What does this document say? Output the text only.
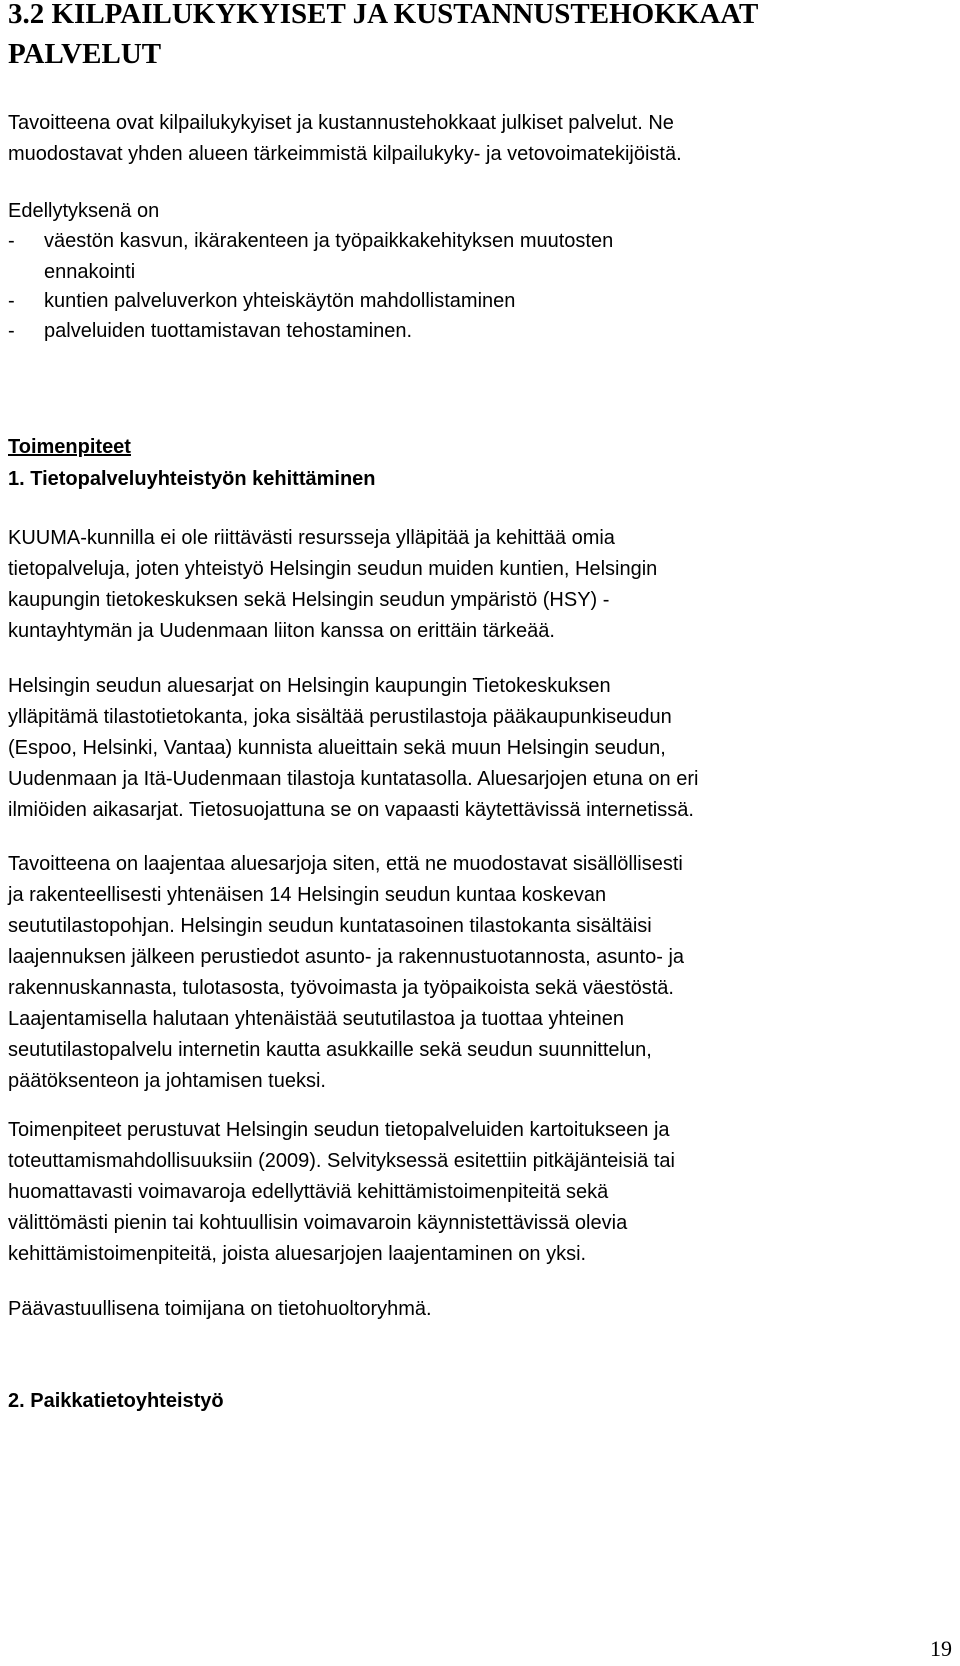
3.2 KILPAILUKYKYISET JA KUSTANNUSTEHOKKAAT
PALVELUT
Tavoitteena ovat kilpailukykyiset ja kustannustehokkaat julkiset palvelut. Ne
muodostavat yhden alueen tärkeimmistä kilpailukyky- ja vetovoimatekijöistä.
Edellytyksenä on
- väestön kasvun, ikärakenteen ja työpaikkakehityksen muutosten
ennakointi
- kuntien palveluverkon yhteiskäytön mahdollistaminen
- palveluiden tuottamistavan tehostaminen.
Toimenpiteet
1. Tietopalveluyhteistyön kehittäminen
KUUMA-kunnilla ei ole riittävästi resursseja ylläpitää ja kehittää omia
tietopalveluja, joten yhteistyö Helsingin seudun muiden kuntien, Helsingin
kaupungin tietokeskuksen sekä Helsingin seudun ympäristö (HSY) -
kuntayhtymän ja Uudenmaan liiton kanssa on erittäin tärkeää.
Helsingin seudun aluesarjat on Helsingin kaupungin Tietokeskuksen
ylläpitämä tilastotietokanta, joka sisältää perustilastoja pääkaupunkiseudun
(Espoo, Helsinki, Vantaa) kunnista alueittain sekä muun Helsingin seudun,
Uudenmaan ja Itä-Uudenmaan tilastoja kuntatasolla. Aluesarjojen etuna on eri
ilmiöiden aikasarjat. Tietosuojattuna se on vapaasti käytettävissä internetissä.
Tavoitteena on laajentaa aluesarjoja siten, että ne muodostavat sisällöllisesti
ja rakenteellisesti yhtenäisen 14 Helsingin seudun kuntaa koskevan
seututilastopohjan. Helsingin seudun kuntatasoinen tilastokanta sisältäisi
laajennuksen jälkeen perustiedot asunto- ja rakennustuotannosta, asunto- ja
rakennuskannasta, tulotasosta, työvoimasta ja työpaikoista sekä väestöstä.
Laajentamisella halutaan yhtenäistää seututilastoa ja tuottaa yhteinen
seututilastopalvelu internetin kautta asukkaille sekä seudun suunnittelun,
päätöksenteon ja johtamisen tueksi.
Toimenpiteet perustuvat Helsingin seudun tietopalveluiden kartoitukseen ja
toteuttamismahdollisuuksiin (2009). Selvityksessä esitettiin pitkäjänteisiä tai
huomattavasti voimavaroja edellyttäviä kehittämistoimenpiteitä sekä
välittömästi pienin tai kohtuullisin voimavaroin käynnistettävissä olevia
kehittämistoimenpiteitä, joista aluesarjojen laajentaminen on yksi.
Päävastuullisena toimijana on tietohuoltoryhmä.
2. Paikkatietoyhteistyö
19
